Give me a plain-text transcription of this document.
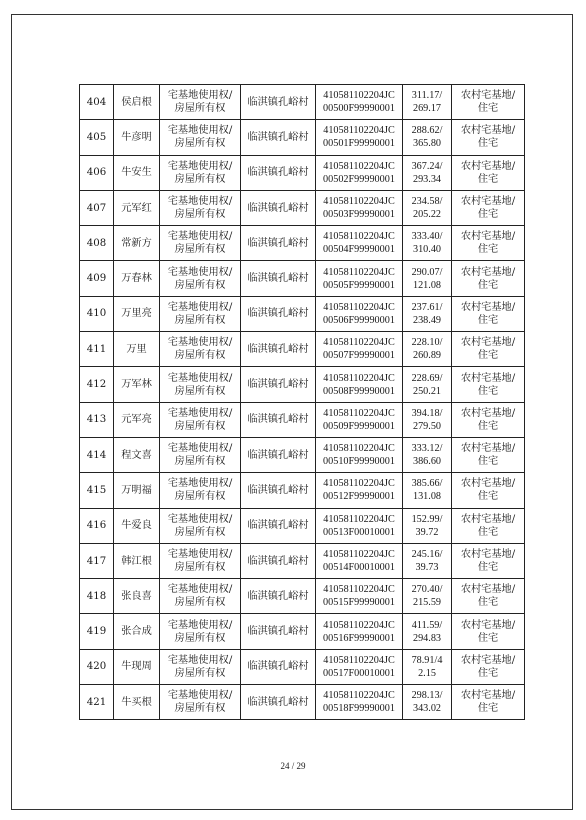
404	侯启根	宅基地使用权/
房屋所有权	临淇镇孔峪村	410581102204JC
00500F99990001	311.17/
269.17	农村宅基地/
住宅

405	牛彦明	宅基地使用权/
房屋所有权	临淇镇孔峪村	410581102204JC
00501F99990001	288.62/
365.80	农村宅基地/
住宅

406	牛安生	宅基地使用权/
房屋所有权	临淇镇孔峪村	410581102204JC
00502F99990001	367.24/
293.34	农村宅基地/
住宅

407	元军红	宅基地使用权/
房屋所有权	临淇镇孔峪村	410581102204JC
00503F99990001	234.58/
205.22	农村宅基地/
住宅

408	常新方	宅基地使用权/
房屋所有权	临淇镇孔峪村	410581102204JC
00504F99990001	333.40/
310.40	农村宅基地/
住宅

409	万春林	宅基地使用权/
房屋所有权	临淇镇孔峪村	410581102204JC
00505F99990001	290.07/
121.08	农村宅基地/
住宅

410	万里亮	宅基地使用权/
房屋所有权	临淇镇孔峪村	410581102204JC
00506F99990001	237.61/
238.49	农村宅基地/
住宅

411	万里	宅基地使用权/
房屋所有权	临淇镇孔峪村	410581102204JC
00507F99990001	228.10/
260.89	农村宅基地/
住宅

412	万军林	宅基地使用权/
房屋所有权	临淇镇孔峪村	410581102204JC
00508F99990001	228.69/
250.21	农村宅基地/
住宅

413	元军亮	宅基地使用权/
房屋所有权	临淇镇孔峪村	410581102204JC
00509F99990001	394.18/
279.50	农村宅基地/
住宅

414	程文喜	宅基地使用权/
房屋所有权	临淇镇孔峪村	410581102204JC
00510F99990001	333.12/
386.60	农村宅基地/
住宅

415	万明福	宅基地使用权/
房屋所有权	临淇镇孔峪村	410581102204JC
00512F99990001	385.66/
131.08	农村宅基地/
住宅

416	牛爱良	宅基地使用权/
房屋所有权	临淇镇孔峪村	410581102204JC
00513F00010001	152.99/
39.72	农村宅基地/
住宅

417	韩江根	宅基地使用权/
房屋所有权	临淇镇孔峪村	410581102204JC
00514F00010001	245.16/
39.73	农村宅基地/
住宅

418	张良喜	宅基地使用权/
房屋所有权	临淇镇孔峪村	410581102204JC
00515F99990001	270.40/
215.59	农村宅基地/
住宅

419	张合成	宅基地使用权/
房屋所有权	临淇镇孔峪村	410581102204JC
00516F99990001	411.59/
294.83	农村宅基地/
住宅

420	牛现周	宅基地使用权/
房屋所有权	临淇镇孔峪村	410581102204JC
00517F00010001	78.91/4
2.15	农村宅基地/
住宅

421	牛买根	宅基地使用权/
房屋所有权	临淇镇孔峪村	410581102204JC
00518F99990001	298.13/
343.02	农村宅基地/
住宅
24 / 29
